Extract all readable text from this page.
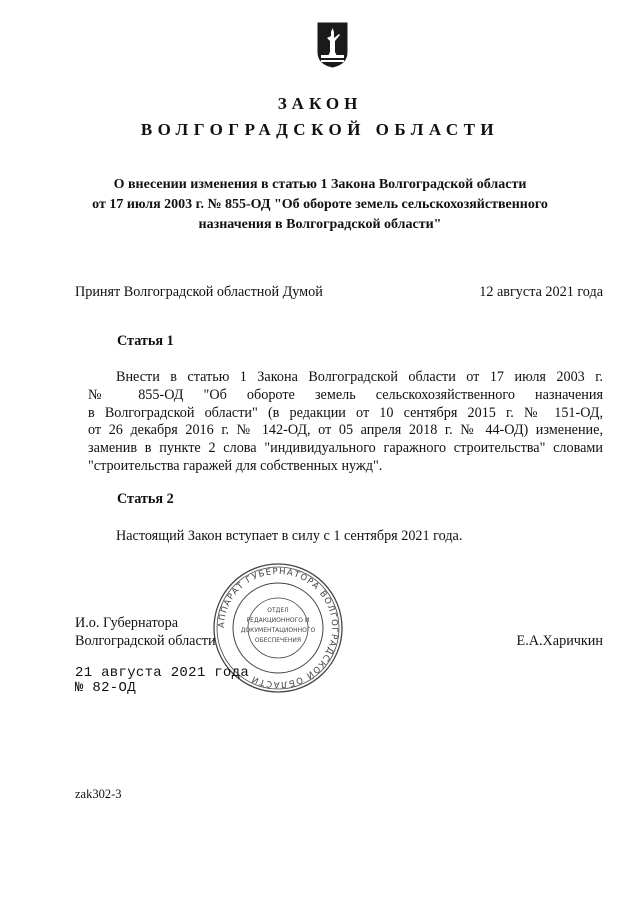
ЗАКОН
ВОЛГОГРАДСКОЙ ОБЛАСТИ
О внесении изменения в статью 1 Закона Волгоградской области
от 17 июля 2003 г. № 855-ОД "Об обороте земель сельскохозяйственного
назначения в Волгоградской области"
Принят Волгоградской областной Думой	12 августа 2021 года
Статья 1
Внести в статью 1 Закона Волгоградской области от 17 июля 2003 г.
№ 855-ОД "Об обороте земель сельскохозяйственного назначения
в Волгоградской области" (в редакции от 10 сентября 2015 г. № 151-ОД,
от 26 декабря 2016 г. № 142-ОД, от 05 апреля 2018 г. № 44-ОД) изменение,
заменив в пункте 2 слова "индивидуального гаражного строительства" словами
"строительства гаражей для собственных нужд".
Статья 2
Настоящий Закон вступает в силу с 1 сентября 2021 года.
АППАРАТ ГУБЕРНАТОРА ВОЛГОГРАДСКОЙ ОБЛАСТИ
ОТДЕЛ
РЕДАКЦИОННОГО И
ДОКУМЕНТАЦИОННОГО
ОБЕСПЕЧЕНИЯ
И.о. Губернатора
Волгоградской области	Е.А.Харичкин
21 августа 2021 года
№ 82-ОД
zak302-3
